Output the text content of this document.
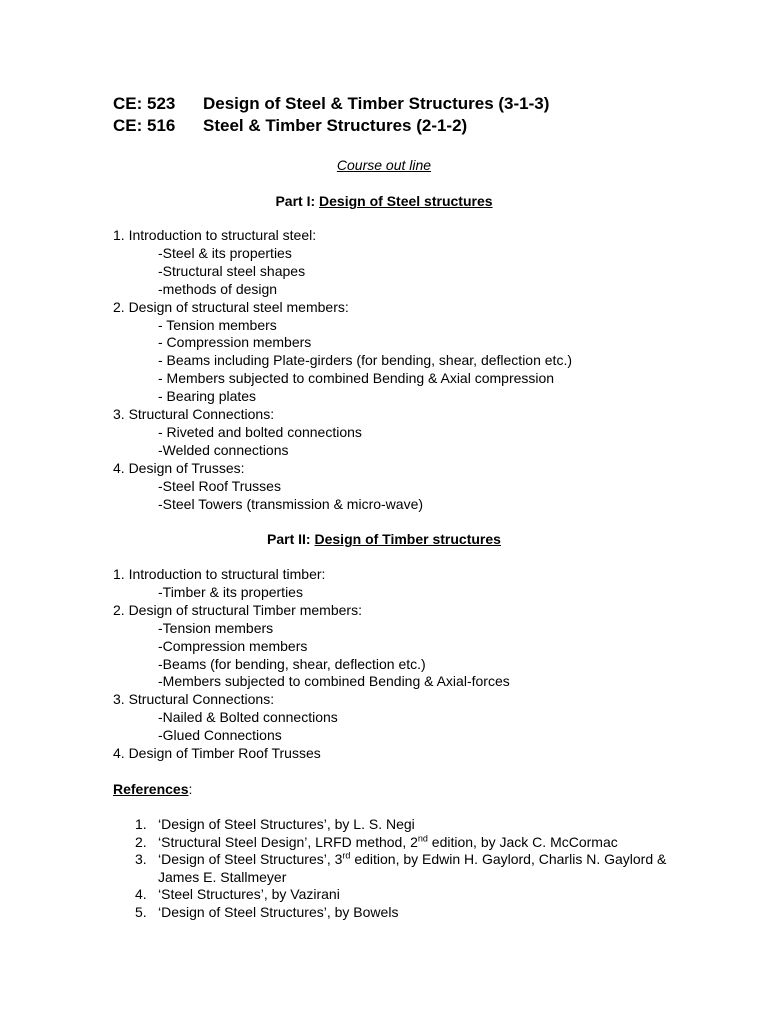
CE: 523 Design of Steel & Timber Structures (3-1-3)
CE: 516 Steel & Timber Structures (2-1-2)
Course out line
Part I: Design of Steel structures
1. Introduction to structural steel:
-Steel & its properties
-Structural steel shapes
-methods of design
2. Design of structural steel members:
- Tension members
- Compression members
- Beams including Plate-girders (for bending, shear, deflection etc.)
- Members subjected to combined Bending & Axial compression
- Bearing plates
3. Structural Connections:
- Riveted and bolted connections
-Welded connections
4. Design of Trusses:
-Steel Roof Trusses
-Steel Towers (transmission & micro-wave)
Part II: Design of Timber structures
1. Introduction to structural timber:
-Timber & its properties
2. Design of structural Timber members:
-Tension members
-Compression members
-Beams (for bending, shear, deflection etc.)
-Members subjected to combined Bending & Axial-forces
3. Structural Connections:
-Nailed & Bolted connections
-Glued Connections
4. Design of Timber Roof Trusses
References:
1. ‘Design of Steel Structures’, by L. S. Negi
2. ‘Structural Steel Design’, LRFD method, 2nd edition, by Jack C. McCormac
3. ‘Design of Steel Structures’, 3rd edition, by Edwin H. Gaylord, Charlis N. Gaylord & James E. Stallmeyer
4. ‘Steel Structures’, by Vazirani
5. ‘Design of Steel Structures’, by Bowels
